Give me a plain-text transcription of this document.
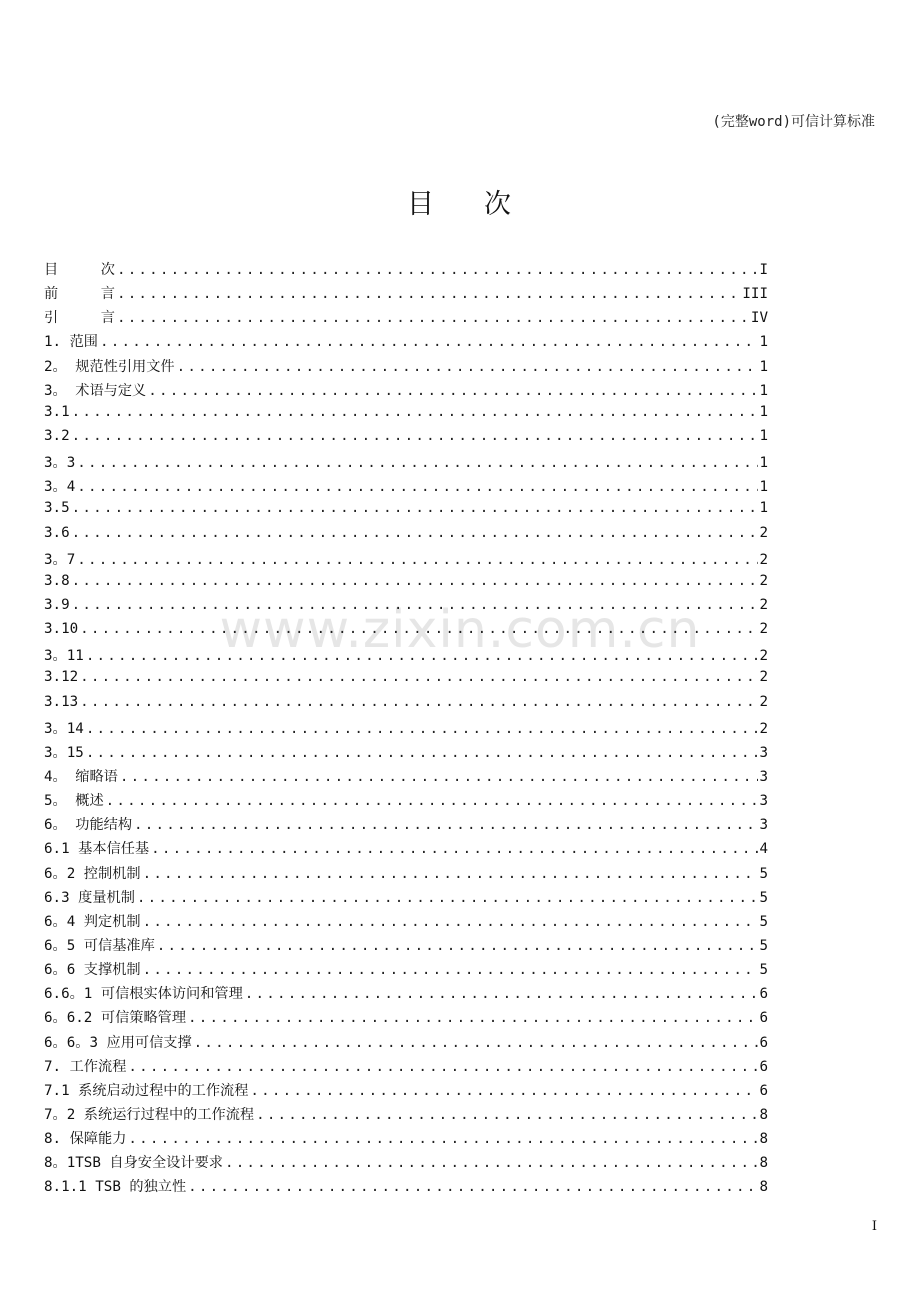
(完整word)可信计算标准
目 次
www.zixin.com.cn
目　　　次 .....	I
前　　　言 .....	III
引　　　言 .....	IV
1. 范围 .....	1
2。 规范性引用文件 .....	1
3。 术语与定义 .....	1
3.1 .....	1
3.2 .....	1
3。3 .....	1
3。4 .....	1
3.5 .....	1
3.6 .....	2
3。7 .....	2
3.8 .....	2
3.9 .....	2
3.10 .....	2
3。11 .....	2
3.12 .....	2
3.13 .....	2
3。14 .....	2
3。15 .....	3
4。 缩略语 .....	3
5。 概述 .....	3
6。 功能结构 .....	3
6.1 基本信任基 .....	4
6。2 控制机制 .....	5
6.3 度量机制 .....	5
6。4 判定机制 .....	5
6。5 可信基准库 .....	5
6。6 支撑机制 .....	5
6.6。1 可信根实体访问和管理 .....	6
6。6.2 可信策略管理 .....	6
6。6。3 应用可信支撑 .....	6
7. 工作流程 .....	6
7.1 系统启动过程中的工作流程 .....	6
7。2 系统运行过程中的工作流程 .....	8
8. 保障能力 .....	8
8。1TSB 自身安全设计要求 .....	8
8.1.1 TSB 的独立性 .....	8
I
